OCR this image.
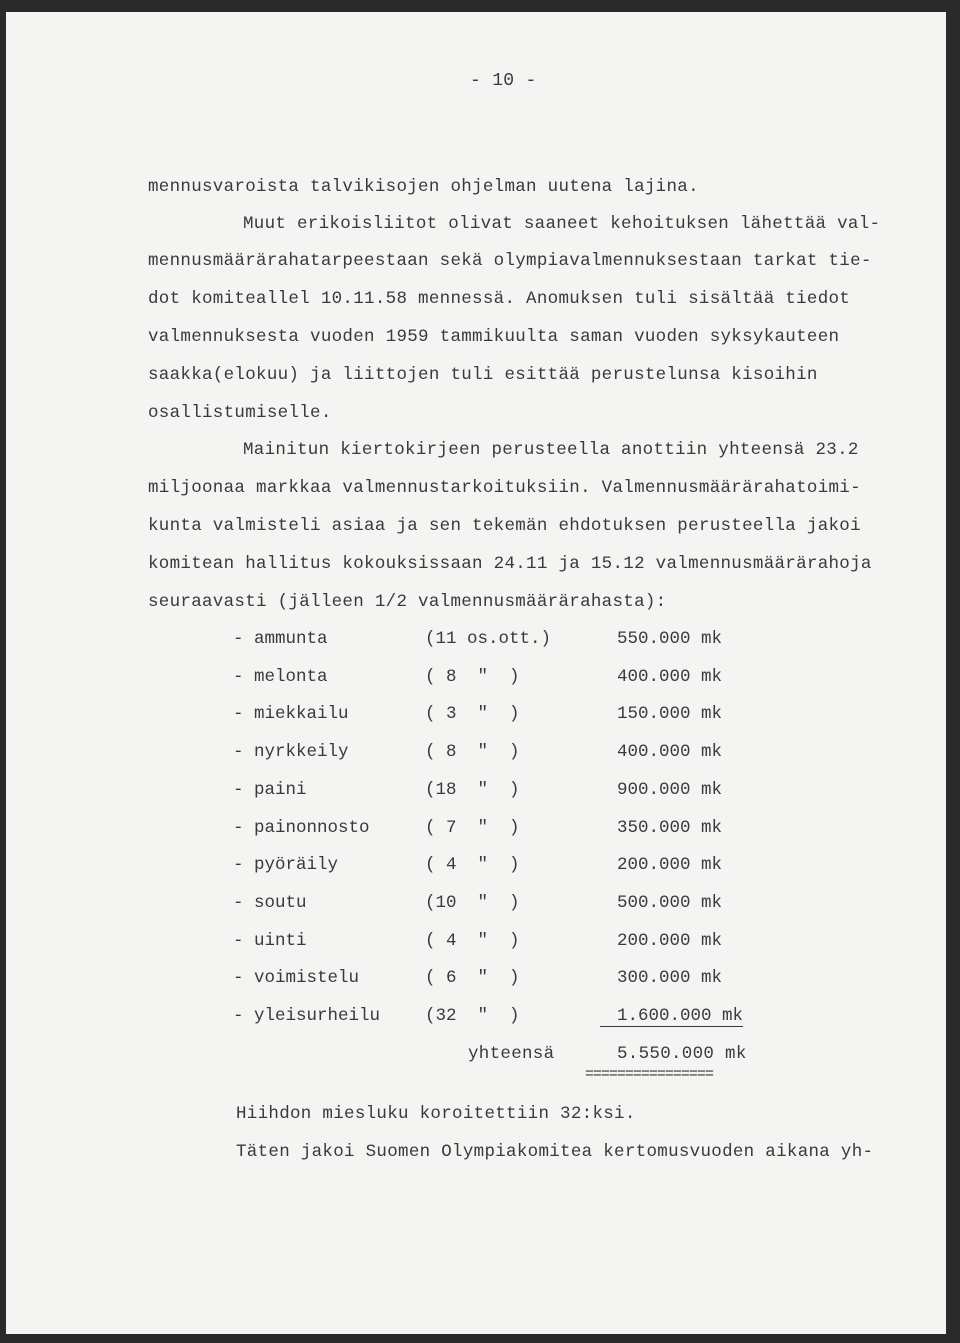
- 10 -
mennusvaroista talvikisojen ohjelman uutena lajina.
Muut erikoisliitot olivat saaneet kehoituksen lähettää val-
mennusmäärärahatarpeestaan sekä olympiavalmennuksestaan tarkat tie-
dot komiteallel 10.11.58 mennessä. Anomuksen tuli sisältää tiedot
valmennuksesta vuoden 1959 tammikuulta saman vuoden syksykauteen
saakka(elokuu) ja liittojen tuli esittää perustelunsa kisoihin
osallistumiselle.
Mainitun kiertokirjeen perusteella anottiin yhteensä 23.2
miljoonaa markkaa valmennustarkoituksiin. Valmennusmäärärahatoimi-
kunta valmisteli asiaa ja sen tekemän ehdotuksen perusteella jakoi
komitean hallitus kokouksissaan 24.11 ja 15.12 valmennusmäärärahoja
seuraavasti (jälleen 1/2 valmennusmäärärahasta):
- ammunta	(11 os.ott.)	550.000 mk
- melonta	( 8  "  )	400.000 mk
- miekkailu	( 3  "  )	150.000 mk
- nyrkkeily	( 8  "  )	400.000 mk
- paini	(18  "  )	900.000 mk
- painonnosto	( 7  "  )	350.000 mk
- pyöräily	( 4  "  )	200.000 mk
- soutu	(10  "  )	500.000 mk
- uinti	( 4  "  )	200.000 mk
- voimistelu	( 6  "  )	300.000 mk
- yleisurheilu	(32  "  )	1.600.000 mk
yhteensä	5.550.000 mk
================
Hiihdon miesluku koroitettiin 32:ksi.
Täten jakoi Suomen Olympiakomitea kertomusvuoden aikana yh-
